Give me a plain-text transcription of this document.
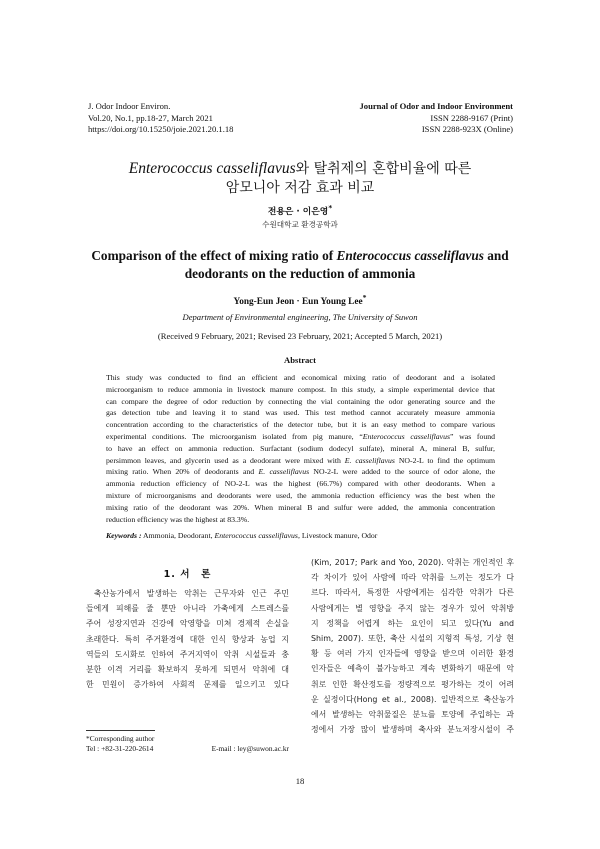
J. Odor Indoor Environ.
Vol.20, No.1, pp.18-27, March 2021
https://doi.org/10.15250/joie.2021.20.1.18
Journal of Odor and Indoor Environment
ISSN 2288-9167 (Print)
ISSN 2288-923X (Online)
Enterococcus casseliflavus와 탈취제의 혼합비율에 따른
암모니아 저감 효과 비교
전용은 · 이은영*
수원대학교 환경공학과
Comparison of the effect of mixing ratio of Enterococcus casseliflavus and deodorants on the reduction of ammonia
Yong-Eun Jeon · Eun Young Lee*
Department of Environmental engineering, The University of Suwon
(Received 9 February, 2021; Revised 23 February, 2021; Accepted 5 March, 2021)
Abstract
This study was conducted to find an efficient and economical mixing ratio of deodorant and a isolated
microorganism to reduce ammonia in livestock manure compost. In this study, a simple experimental device that
can compare the degree of odor reduction by connecting the vial containing the odor generating source and the
gas detection tube and leaving it to stand was used. This test method cannot accurately measure ammonia
concentration according to the characteristics of the detector tube, but it is an easy method to compare various
experimental conditions. The microorganism isolated from pig manure, “Enterococcus casseliflavus” was found
to have an effect on ammonia reduction. Surfactant (sodium dodecyl sulfate), mineral A, mineral B, sulfur,
persimmon leaves, and glycerin used as a deodorant were mixed with E. casseliflavus NO-2-L to find the optimum
mixing ratio. When 20% of deodorants and E. casseliflavus NO-2-L were added to the source of odor alone, the
ammonia reduction efficiency of NO-2-L was the highest (66.7%) compared with other deodorants. When a
mixture of microorganisms and deodorants were used, the ammonia reduction efficiency was the best when the
mixing ratio of the deodorant was 20%. When mineral B and sulfur were added, the ammonia concentration
reduction efficiency was the highest at 83.3%.
Keywords : Ammonia, Deodorant, Enterococcus casseliflavus, Livestock manure, Odor
1. 서　론
축산농가에서 발생하는 악취는 근무자와 인근 주민
들에게 피해를 줄 뿐만 아니라 가축에게 스트레스를
주어 성장지연과 건강에 악영향을 미쳐 경제적 손실을
초래한다. 특히 주거환경에 대한 인식 향상과 농업 지
역들의 도시화로 인하여 주거지역이 악취 시설들과 충
분한 이격 거리를 확보하지 못하게 되면서 악취에 대
한 민원이 증가하여 사회적 문제를 일으키고 있다
(Kim, 2017; Park and Yoo, 2020). 악취는 개인적인 후
각 차이가 있어 사람에 따라 악취를 느끼는 정도가 다
르다. 따라서, 특정한 사람에게는 심각한 악취가 다른
사람에게는 별 영향을 주지 않는 경우가 있어 악취방
지 정책을 어렵게 하는 요인이 되고 있다(Yu and
Shim, 2007). 또한, 축산 시설의 지형적 특성, 기상 현
황 등 여러 가지 인자들에 영향을 받으며 이러한 환경
인자들은 예측이 불가능하고 계속 변화하기 때문에 악
취로 인한 확산정도를 정량적으로 평가하는 것이 어려
운 실정이다(Hong et al., 2008). 일반적으로 축산농가
에서 발생하는 악취물질은 분뇨를 토양에 주입하는 과
정에서 가장 많이 발생하며 축사와 분뇨저장시설이 주
*Corresponding author
Tel : +82-31-220-2614	E-mail : ley@suwon.ac.kr
18
